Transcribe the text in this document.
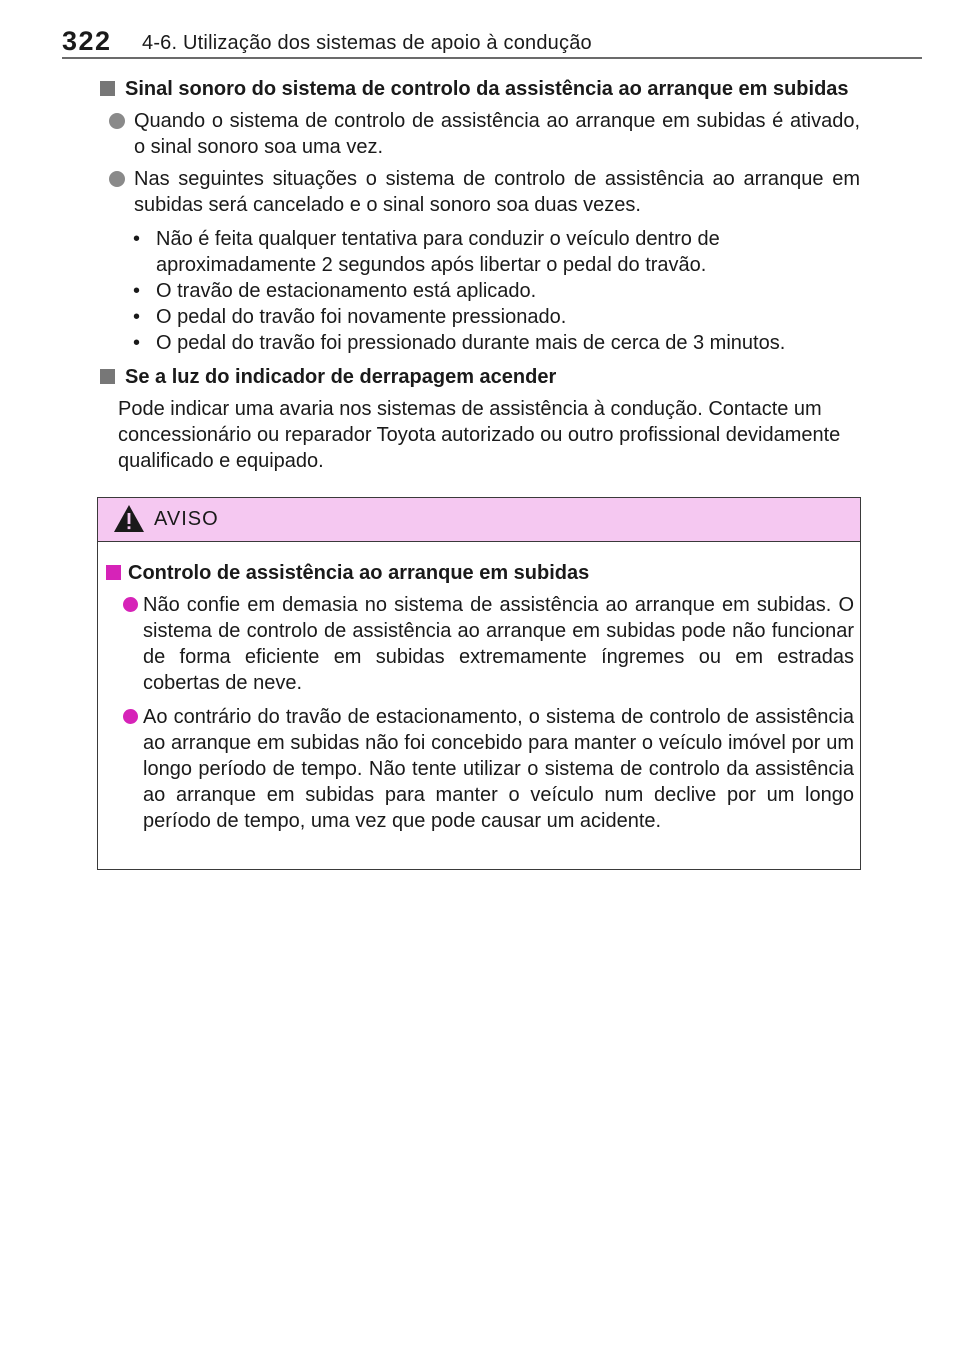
322 4-6. Utilização dos sistemas de apoio à condução
Sinal sonoro do sistema de controlo da assistência ao arranque em subidas
Quando o sistema de controlo de assistência ao arranque em subidas é ativado, o sinal sonoro soa uma vez.
Nas seguintes situações o sistema de controlo de assistência ao arranque em subidas será cancelado e o sinal sonoro soa duas vezes.
• Não é feita qualquer tentativa para conduzir o veículo dentro de aproximadamente 2 segundos após libertar o pedal do travão.
• O travão de estacionamento está aplicado.
• O pedal do travão foi novamente pressionado.
• O pedal do travão foi pressionado durante mais de cerca de 3 minutos.
Se a luz do indicador de derrapagem acender
Pode indicar uma avaria nos sistemas de assistência à condução. Contacte um concessionário ou reparador Toyota autorizado ou outro profissional devidamente qualificado e equipado.
AVISO
Controlo de assistência ao arranque em subidas
Não confie em demasia no sistema de assistência ao arranque em subidas. O sistema de controlo de assistência ao arranque em subidas pode não funcionar de forma eficiente em subidas extremamente íngremes ou em estradas cobertas de neve.
Ao contrário do travão de estacionamento, o sistema de controlo de assistência ao arranque em subidas não foi concebido para manter o veículo imóvel por um longo período de tempo. Não tente utilizar o sistema de controlo da assistência ao arranque em subidas para manter o veículo num declive por um longo período de tempo, uma vez que pode causar um acidente.
